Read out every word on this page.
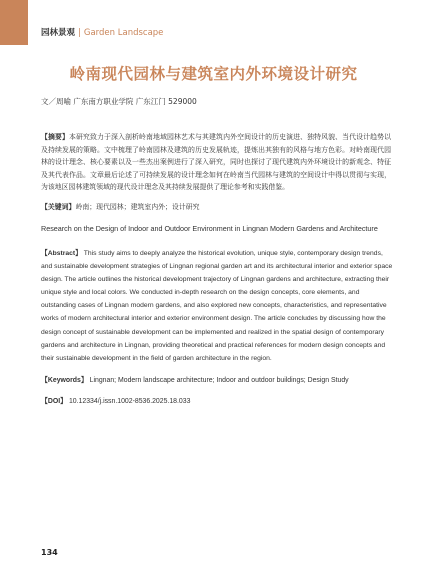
园林景观 | Garden Landscape
岭南现代园林与建筑室内外环境设计研究
文／周喻 广东南方职业学院 广东江门 529000
【摘要】本研究致力于深入剖析岭南地域园林艺术与其建筑内外空间设计的历史演进、独特风貌、当代设计趋势以及持续发展的策略。文中梳理了岭南园林及建筑的历史发展轨迹，提炼出其独有的风格与地方色彩。对岭南现代园林的设计理念、核心要素以及一些杰出案例进行了深入研究，同时也探讨了现代建筑内外环境设计的新观念、特征及其代表作品。文章最后论述了可持续发展的设计理念如何在岭南当代园林与建筑的空间设计中得以贯彻与实现，为该地区园林建筑领域的现代设计理念及其持续发展提供了理论参考和实践借鉴。
【关键词】岭南；现代园林；建筑室内外；设计研究
Research on the Design of Indoor and Outdoor Environment in Lingnan Modern Gardens and Architecture
【Abstract】 This study aims to deeply analyze the historical evolution, unique style, contemporary design trends, and sustainable development strategies of Lingnan regional garden art and its architectural interior and exterior space design. The article outlines the historical development trajectory of Lingnan gardens and architecture, extracting their unique style and local colors. We conducted in-depth research on the design concepts, core elements, and outstanding cases of Lingnan modern gardens, and also explored new concepts, characteristics, and representative works of modern architectural interior and exterior environment design. The article concludes by discussing how the design concept of sustainable development can be implemented and realized in the spatial design of contemporary gardens and architecture in Lingnan, providing theoretical and practical references for modern design concepts and their sustainable development in the field of garden architecture in the region.
【Keywords】 Lingnan; Modern landscape architecture; Indoor and outdoor buildings; Design Study
【DOI】 10.12334/j.issn.1002-8536.2025.18.033
134
